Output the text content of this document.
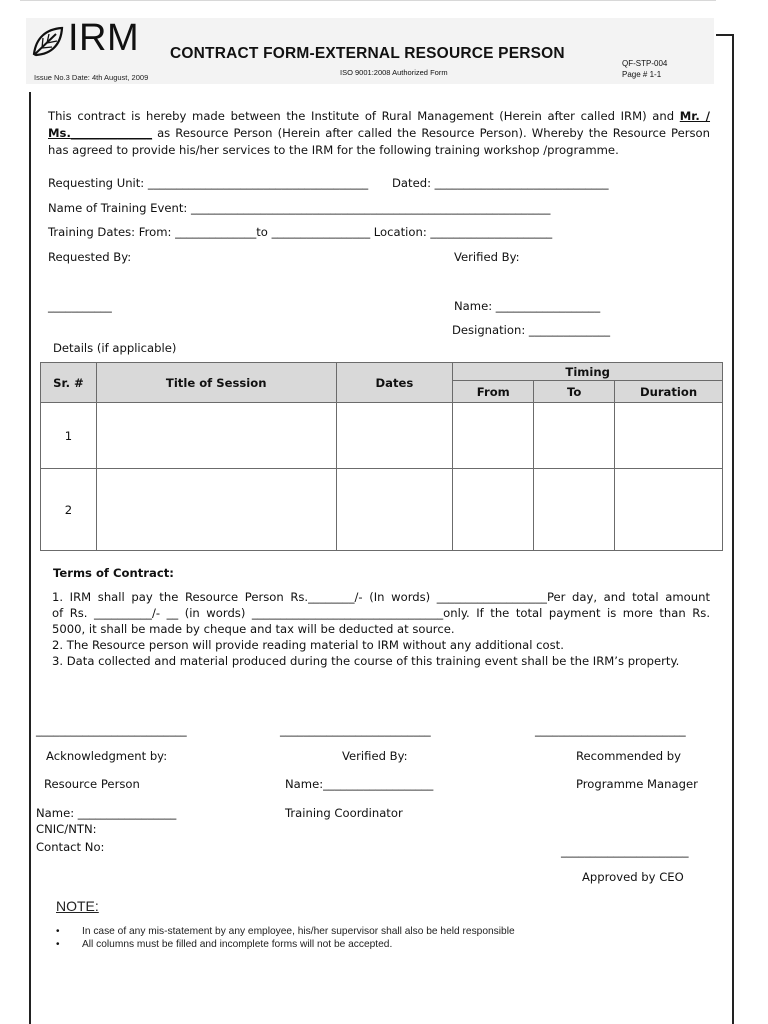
IRM
Issue No.3 Date: 4th August, 2009
CONTRACT FORM-EXTERNAL RESOURCE PERSON
ISO 9001:2008 Authorized Form
QF-STP-004
Page # 1-1

This contract is hereby made between the Institute of Rural Management (Herein after called IRM) and Mr. /

Ms.______________ as Resource Person (Herein after called the Resource Person). Whereby the Resource Person

has agreed to provide his/her services to the IRM for the following training workshop /programme.

Requesting Unit: ______________________________________ Dated: ______________________________
Name of Training Event: ______________________________________________________________
Training Dates: From: ______________to _________________ Location: _____________________
Requested By:	Verified By:
___________	Name: __________________
Designation: ______________
Details (if applicable)
Sr. #	Title of Session	Dates	Timing		
			From	To	Duration
1					
2					
Terms of Contract:
1. IRM shall pay the Resource Person Rs.________/- (In words) ___________________Per day, and total amount
of Rs. __________/- __ (in words) _________________________________only. If the total payment is more than Rs.
5000, it shall be made by cheque and tax will be deducted at source.
2. The Resource person will provide reading material to IRM without any additional cost.
3. Data collected and material produced during the course of this training event shall be the IRM’s property.
__________________________	__________________________	__________________________
Acknowledgment by:
Resource Person
Name: _________________
CNIC/NTN:
Contact No:
Verified By:
Name:___________________
Training Coordinator
Recommended by
Programme Manager
______________________
Approved by CEO
NOTE:
• In case of any mis-statement by any employee, his/her supervisor shall also be held responsible
• All columns must be filled and incomplete forms will not be accepted.
